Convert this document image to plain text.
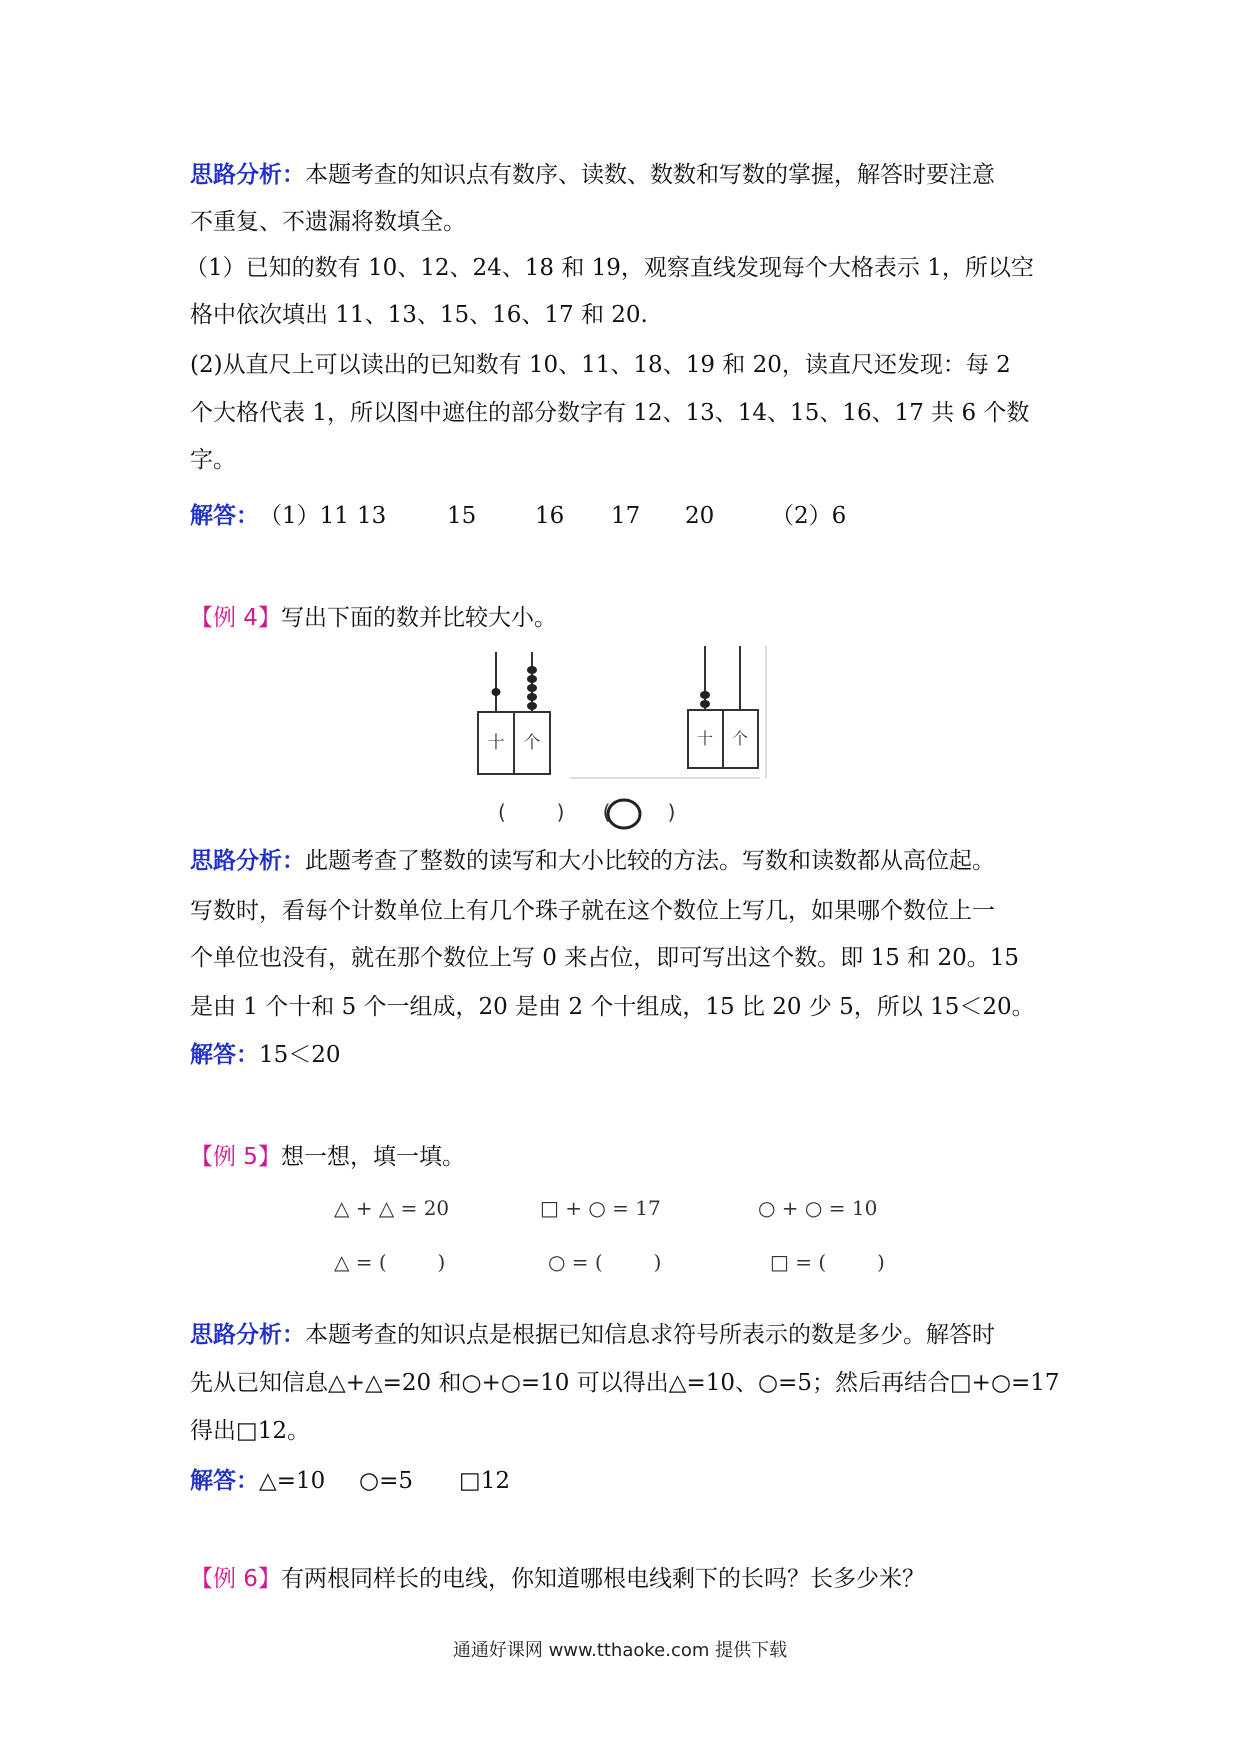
思路分析：本题考查的知识点有数序、读数、数数和写数的掌握，解答时要注意
不重复、不遗漏将数填全。
（1）已知的数有 10、12、24、18 和 19，观察直线发现每个大格表示 1，所以空
格中依次填出 11、13、15、16、17 和 20.
(2)从直尺上可以读出的已知数有 10、11、18、19 和 20，读直尺还发现：每 2
个大格代表 1，所以图中遮住的部分数字有 12、13、14、15、16、17 共 6 个数
字。
解答：（1）11 13	15	16 17 20 （2）6
【例 4】写出下面的数并比较大小。
十 个	十 个
(        )      (         )
思路分析：此题考查了整数的读写和大小比较的方法。写数和读数都从高位起。
写数时，看每个计数单位上有几个珠子就在这个数位上写几，如果哪个数位上一
个单位也没有，就在那个数位上写 0 来占位，即可写出这个数。即 15 和 20。15
是由 1 个十和 5 个一组成，20 是由 2 个十组成，15 比 20 少 5，所以 15＜20。
解答：15＜20
【例 5】想一想，填一填。
△ + △ = 20	□ + ○ = 17	○ + ○ = 10
△ = (        )	○ = (        )	□ = (        )
思路分析：本题考查的知识点是根据已知信息求符号所表示的数是多少。解答时
先从已知信息△+△=20 和○+○=10 可以得出△=10、○=5；然后再结合□+○=17
得出□12。
解答：△=10 ○=5 □12
【例 6】有两根同样长的电线，你知道哪根电线剩下的长吗？长多少米？
通通好课网 www.tthaoke.com 提供下载
